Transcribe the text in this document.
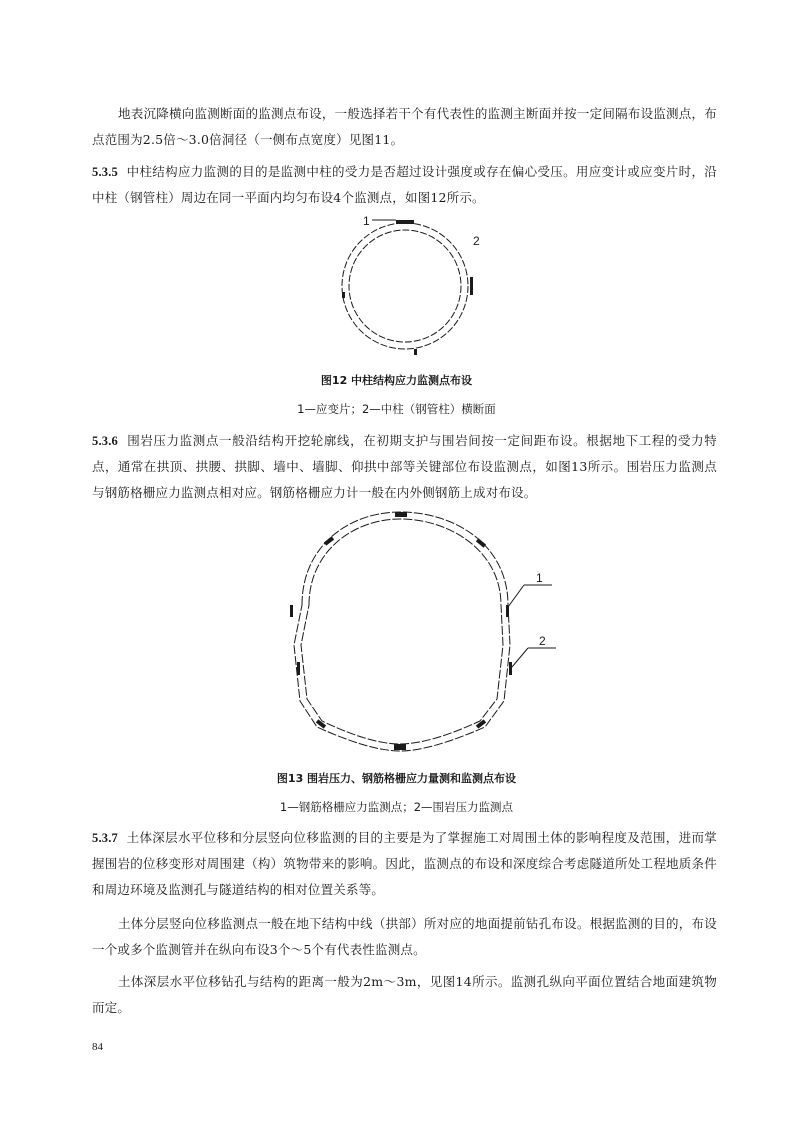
地表沉降横向监测断面的监测点布设，一般选择若干个有代表性的监测主断面并按一定间隔布设监测点，布点范围为2.5倍～3.0倍洞径（一侧布点宽度）见图11。

5.3.5 中柱结构应力监测的目的是监测中柱的受力是否超过设计强度或存在偏心受压。用应变计或应变片时，沿中柱（钢管柱）周边在同一平面内均匀布设4个监测点，如图12所示。

1
2

图12 中柱结构应力监测点布设

1—应变片；2—中柱（钢管柱）横断面

5.3.6 围岩压力监测点一般沿结构开挖轮廓线，在初期支护与围岩间按一定间距布设。根据地下工程的受力特点，通常在拱顶、拱腰、拱脚、墙中、墙脚、仰拱中部等关键部位布设监测点，如图13所示。围岩压力监测点与钢筋格栅应力监测点相对应。钢筋格栅应力计一般在内外侧钢筋上成对布设。

1
2

图13 围岩压力、钢筋格栅应力量测和监测点布设

1—钢筋格栅应力监测点；2—围岩压力监测点

5.3.7 土体深层水平位移和分层竖向位移监测的目的主要是为了掌握施工对周围土体的影响程度及范围，进而掌握围岩的位移变形对周围建（构）筑物带来的影响。因此，监测点的布设和深度综合考虑隧道所处工程地质条件和周边环境及监测孔与隧道结构的相对位置关系等。

土体分层竖向位移监测点一般在地下结构中线（拱部）所对应的地面提前钻孔布设。根据监测的目的，布设一个或多个监测管并在纵向布设3个～5个有代表性监测点。

土体深层水平位移钻孔与结构的距离一般为2m～3m，见图14所示。监测孔纵向平面位置结合地面建筑物而定。

84
